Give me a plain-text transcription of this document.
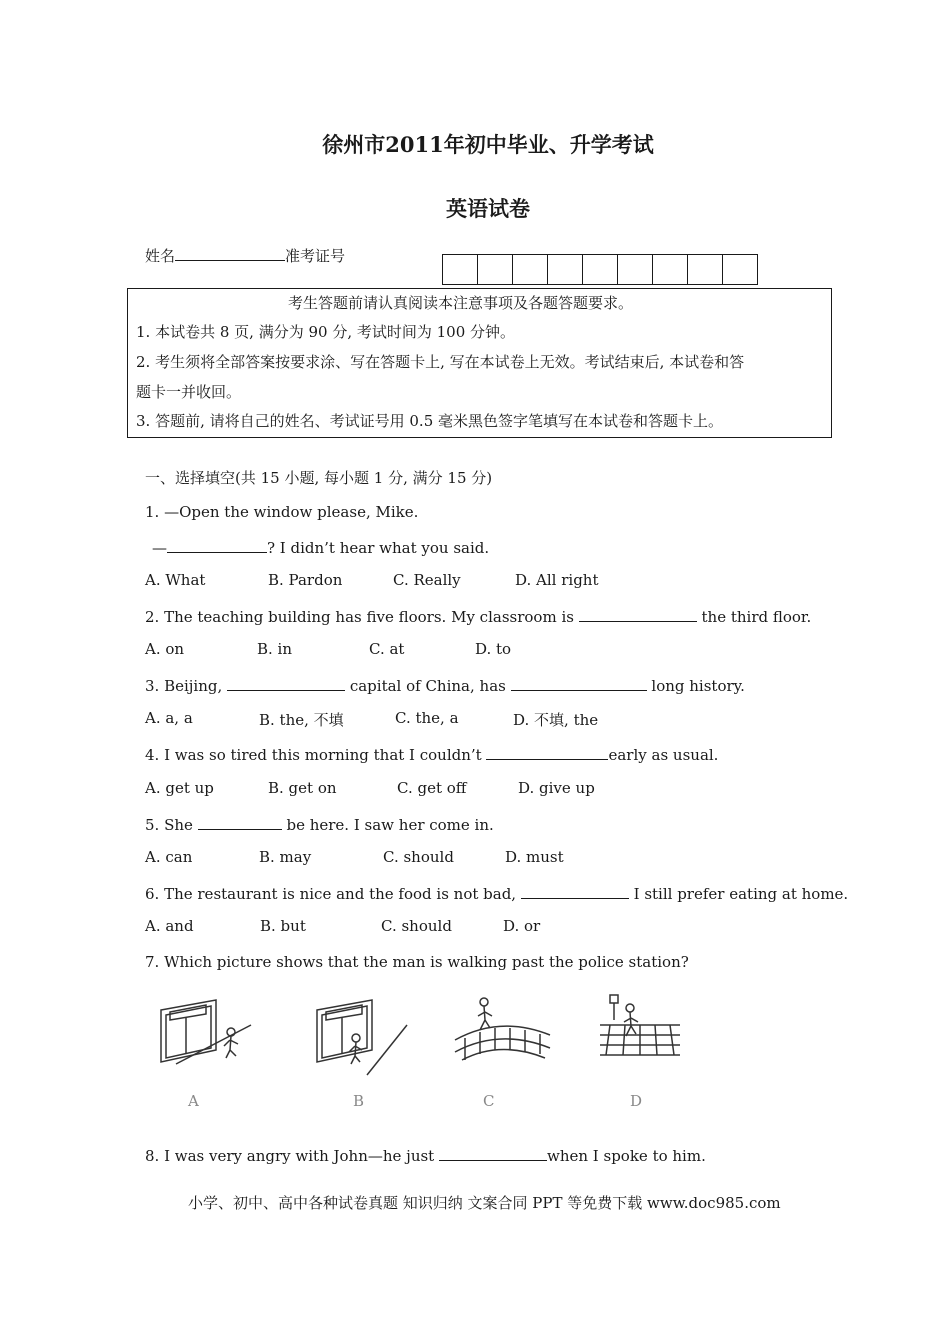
徐州市2011年初中毕业、升学考试
英语试卷
姓名	准考证号
考生答题前请认真阅读本注意事项及各题答题要求。
1. 本试卷共 8 页, 满分为 90 分, 考试时间为 100 分钟。
2. 考生须将全部答案按要求涂、写在答题卡上, 写在本试卷上无效。考试结束后, 本试卷和答
题卡一并收回。
3. 答题前, 请将自己的姓名、考试证号用 0.5 毫米黑色签字笔填写在本试卷和答题卡上。
一、选择填空(共 15 小题, 每小题 1 分, 满分 15 分)
1. —Open the window please, Mike.
—	? I didn’t hear what you said.
A. What	B. Pardon	C. Really	D. All right
2. The teaching building has five floors. My classroom is	the third floor.
A. on	B. in	C. at	D. to
3. Beijing,	capital of China, has	long history.
A. a, a	B. the, 不填	C. the, a	D. 不填, the
4. I was so tired this morning that I couldn’t	early as usual.
A. get up	B. get on	C. get off	D. give up
5. She	be here. I saw her come in.
A. can	B. may	C. should	D. must
6. The restaurant is nice and the food is not bad,	I still prefer eating at home.
A. and	B. but	C. should	D. or
7. Which picture shows that the man is walking past the police station?
A	B	C	D
8. I was very angry with John—he just	when I spoke to him.
小学、初中、高中各种试卷真题 知识归纳 文案合同 PPT 等免费下载 www.doc985.com
